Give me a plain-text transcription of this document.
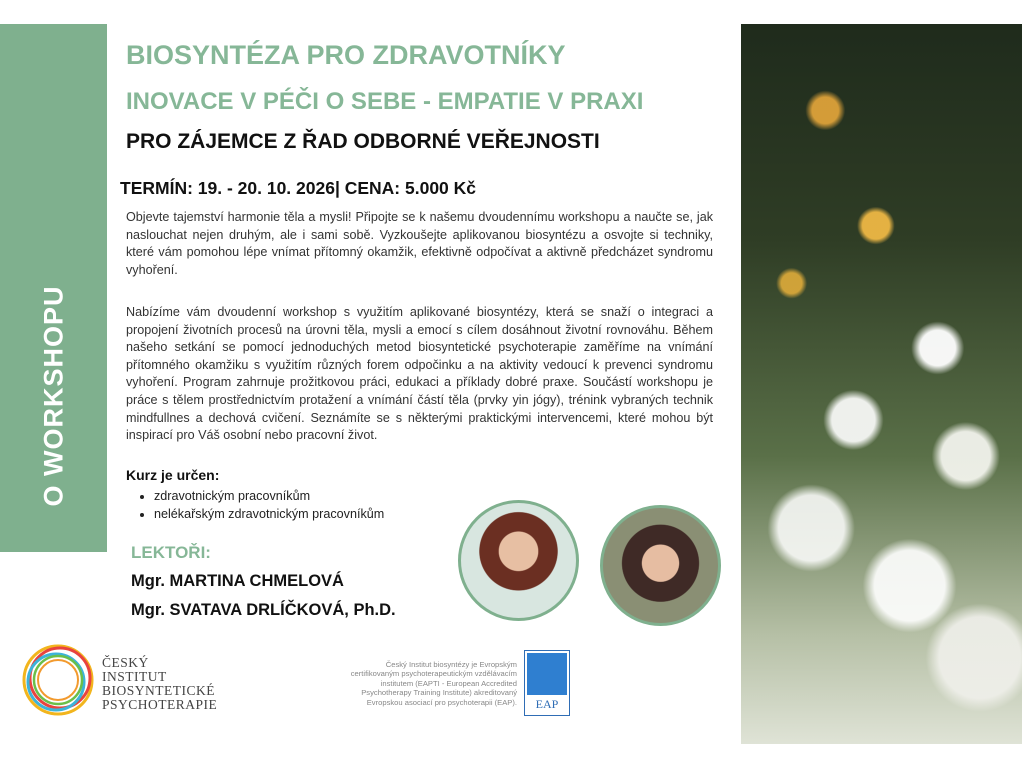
O WORKSHOPU
BIOSYNTÉZA PRO ZDRAVOTNÍKY
INOVACE V PÉČI O SEBE - EMPATIE V PRAXI
PRO ZÁJEMCE Z ŘAD ODBORNÉ VEŘEJNOSTI
TERMÍN: 19. - 20. 10. 2026| CENA: 5.000 Kč

Objevte tajemství harmonie těla a mysli! Připojte se k našemu dvoudennímu workshopu a naučte se, jak naslouchat nejen druhým, ale i sami sobě. Vyzkoušejte aplikovanou biosyntézu a osvojte si techniky, které vám pomohou lépe vnímat přítomný okamžik, efektivně odpočívat a aktivně předcházet syndromu vyhoření.

Nabízíme vám dvoudenní workshop s využitím aplikované biosyntézy, která se snaží o integraci a propojení životních procesů na úrovni těla, mysli a emocí s cílem dosáhnout životní rovnováhu. Během našeho setkání se pomocí jednoduchých metod biosyntetické psychoterapie zaměříme na vnímání přítomného okamžiku s využitím různých forem odpočinku a na aktivity vedoucí k prevenci syndromu vyhoření. Program zahrnuje prožitkovou práci, edukaci a příklady dobré praxe. Součástí workshopu je práce s tělem prostřednictvím protažení a vnímání částí těla (prvky yin jógy), trénink vybraných technik mindfullnes a dechová cvičení. Seznámíte se s některými praktickými intervencemi, které mohou být inspirací pro Váš osobní nebo pracovní život.

Kurz je určen:
• zdravotnickým pracovníkům
• nelékařským zdravotnickým pracovníkům
LEKTOŘI:
Mgr. MARTINA CHMELOVÁ
Mgr. SVATAVA DRLÍČKOVÁ, Ph.D.
ČESKÝ
INSTITUT
BIOSYNTETICKÉ
PSYCHOTERAPIE
Český Institut biosyntézy je Evropským certifikovaným psychoterapeutickým vzdělávacím institutem (EAPTI - European Accredited Psychotherapy Training Institute) akreditovaný Evropskou asociací pro psychoterapii (EAP).	EAP
